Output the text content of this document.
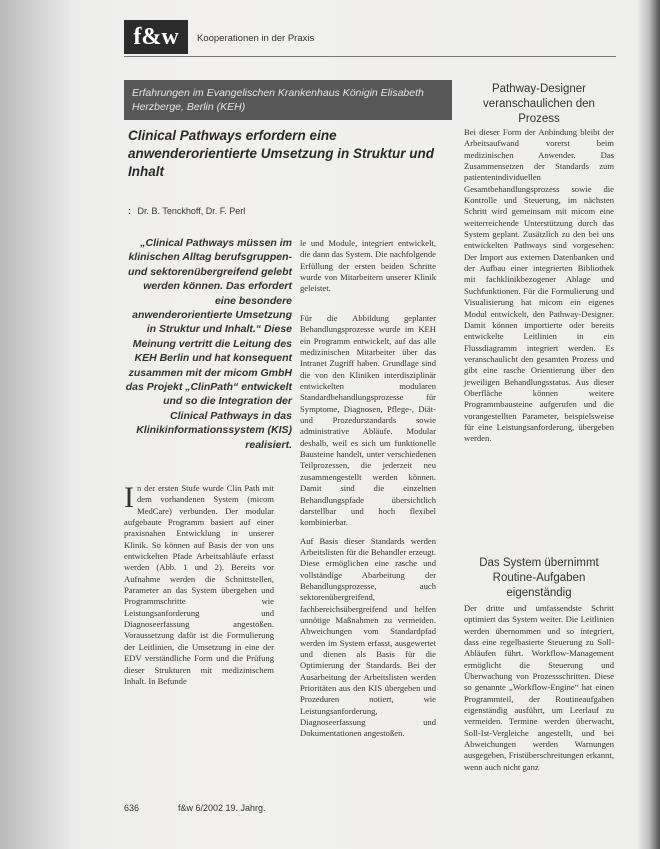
f&w	Kooperationen in der Praxis
Erfahrungen im Evangelischen Krankenhaus Königin Elisabeth Herzberge, Berlin (KEH)
Clinical Pathways erfordern eine anwenderorientierte Umsetzung in Struktur und Inhalt
: Dr. B. Tenckhoff, Dr. F. Perl
„Clinical Pathways müssen im klinischen Alltag berufsgruppen- und sektorenübergreifend gelebt werden können. Das erfordert eine besondere anwenderorientierte Umsetzung in Struktur und Inhalt.“ Diese Meinung vertritt die Leitung des KEH Berlin und hat konsequent zusammen mit der micom GmbH das Projekt „ClinPath“ entwickelt und so die Integration der Clinical Pathways in das Klinikinformationssystem (KIS) realisiert.
I n der ersten Stufe wurde Clin Path mit dem vorhandenen System (micom MedCare) verbunden. Der modular aufgebaute Programm basiert auf einer praxisnahen Entwicklung in unserer Klinik. So können auf Basis der von uns entwickelten Pfade Arbeitsabläufe erfasst werden (Abb. 1 und 2). Bereits vor Aufnahme werden die Schnittstellen, Parameter an das System übergeben und Programmschritte wie Leistungsanforderung und Diagnoseerfassung angestoßen. Voraussetzung dafür ist die Formulierung der Leitlinien, die Umsetzung in eine der EDV verständliche Form und die Prüfung dieser Strukturen mit medizinischem Inhalt. In Befunde

le und Module, integriert entwickelt, die dann das System. Die nachfolgende Erfüllung der ersten beiden Schritte wurde von Mitarbeitern unserer Klinik geleistet.

Für die Abbildung geplanter Behandlungsprozesse wurde im KEH ein Programm entwickelt, auf das alle medizinischen Mitarbeiter über das Intranet Zugriff haben. Grundlage sind die von den Kliniken interdisziplinär entwickelten modularen Standardbehandlungsprozesse für Symptome, Diagnosen, Pflege-, Diät- und Prozedurstandards sowie administrative Abläufe. Modular deshalb, weil es sich um funktionelle Bausteine handelt, unter verschiedenen Teilprozessen, die jederzeit neu zusammengestellt werden können. Damit sind die einzelnen Behandlungspfade übersichtlich darstellbar und hoch flexibel kombinierbar.

Auf Basis dieser Standards werden Arbeitslisten für die Behandler erzeugt. Diese ermöglichen eine rasche und vollständige Abarbeitung der Behandlungsprozesse, auch sektorenübergreifend, fachbereichsübergreifend und helfen unnötige Maßnahmen zu vermeiden. Abweichungen vom Standardpfad werden im System erfasst, ausgewertet und dienen als Basis für die Optimierung der Standards. Bei der Ausarbeitung der Arbeitslisten werden Prioritäten aus den KIS übergeben und Prozeduren notiert, wie Leistungsanforderung, Diagnoseerfassung und Dokumentationen angestoßen.

Pathway-Designer veranschaulichen den Prozess

Bei dieser Form der Anbindung bleibt der Arbeitsaufwand vorerst beim medizinischen Anwender. Das Zusammensetzen der Standards zum patientenindividuellen Gesamtbehandlungsprozess sowie die Kontrolle und Steuerung, im nächsten Schritt wird gemeinsam mit micom eine weiterreichende Unterstützung durch das System geplant. Zusätzlich zu den bei uns entwickelten Pathways sind vorgesehen: Der Import aus externen Datenbanken und der Aufbau einer integrierten Bibliothek mit fachklinikbezogener Ablage und Suchfunktionen. Für die Formulierung und Visualisierung hat micom ein eigenes Modul entwickelt, den Pathway-Designer. Damit können importierte oder bereits entwickelte Leitlinien in ein Flussdiagramm integriert werden. Es veranschaulicht den gesamten Prozess und gibt eine rasche Orientierung über den jeweiligen Behandlungsstatus. Aus dieser Oberfläche können weitere Programmbausteine aufgerufen und die vorangestellten Parameter, beispielsweise für eine Leistungsanforderung, übergeben werden.

Das System übernimmt Routine-Aufgaben eigenständig

Der dritte und umfassendste Schritt optimiert das System weiter. Die Leitlinien werden übernommen und so integriert, dass eine regelbasierte Steuerung zu Soll-Abläufen führt. Workflow-Management ermöglicht die Steuerung und Überwachung von Prozessschritten. Diese so genannte „Workflow-Engine“ hat einen Programmteil, der Routineaufgaben eigenständig ausführt, um Leerlauf zu vermeiden. Termine werden überwacht, Soll-Ist-Vergleiche angestellt, und bei Abweichungen werden Warnungen ausgegeben, Fristüberschreitungen erkannt, wenn auch nicht ganz

636	f&w 6/2002 19. Jahrg.
